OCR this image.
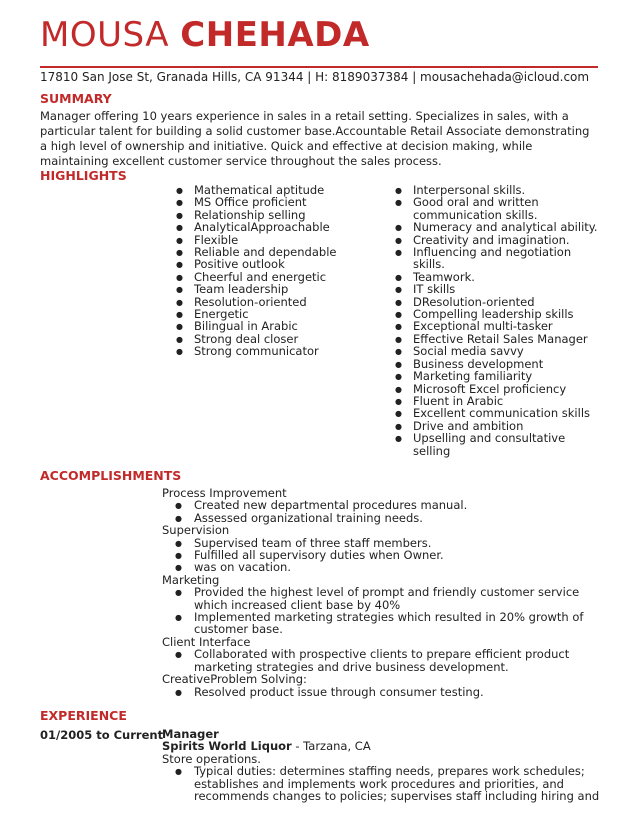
MOUSA CHEHADA
17810 San Jose St, Granada Hills, CA 91344 | H: 8189037384 | mousachehada@icloud.com
SUMMARY
Manager offering 10 years experience in sales in a retail setting. Specializes in sales, with a particular talent for building a solid customer base.Accountable Retail Associate demonstrating a high level of ownership and initiative. Quick and effective at decision making, while maintaining excellent customer service throughout the sales process.
HIGHLIGHTS
● Mathematical aptitude
● MS Office proficient
● Relationship selling
● AnalyticalApproachable
● Flexible
● Reliable and dependable
● Positive outlook
● Cheerful and energetic
● Team leadership
● Resolution-oriented
● Energetic
● Bilingual in Arabic
● Strong deal closer
● Strong communicator
● Interpersonal skills.
● Good oral and written communication skills.
● Numeracy and analytical ability.
● Creativity and imagination.
● Influencing and negotiation skills.
● Teamwork.
● IT skills
● DResolution-oriented
● Compelling leadership skills
● Exceptional multi-tasker
● Effective Retail Sales Manager
● Social media savvy
● Business development
● Marketing familiarity
● Microsoft Excel proficiency
● Fluent in Arabic
● Excellent communication skills
● Drive and ambition
● Upselling and consultative selling
ACCOMPLISHMENTS
Process Improvement
● Created new departmental procedures manual.
● Assessed organizational training needs.
Supervision
● Supervised team of three staff members.
● Fulfilled all supervisory duties when Owner.
● was on vacation.
Marketing
● Provided the highest level of prompt and friendly customer service which increased client base by 40%
● Implemented marketing strategies which resulted in 20% growth of customer base.
Client Interface
● Collaborated with prospective clients to prepare efficient product marketing strategies and drive business development.
CreativeProblem Solving:
● Resolved product issue through consumer testing.
EXPERIENCE
01/2005 to Current
Manager
Spirits World Liquor - Tarzana, CA
Store operations.
● Typical duties: determines staffing needs, prepares work schedules; establishes and implements work procedures and priorities, and recommends changes to policies; supervises staff including hiring and
